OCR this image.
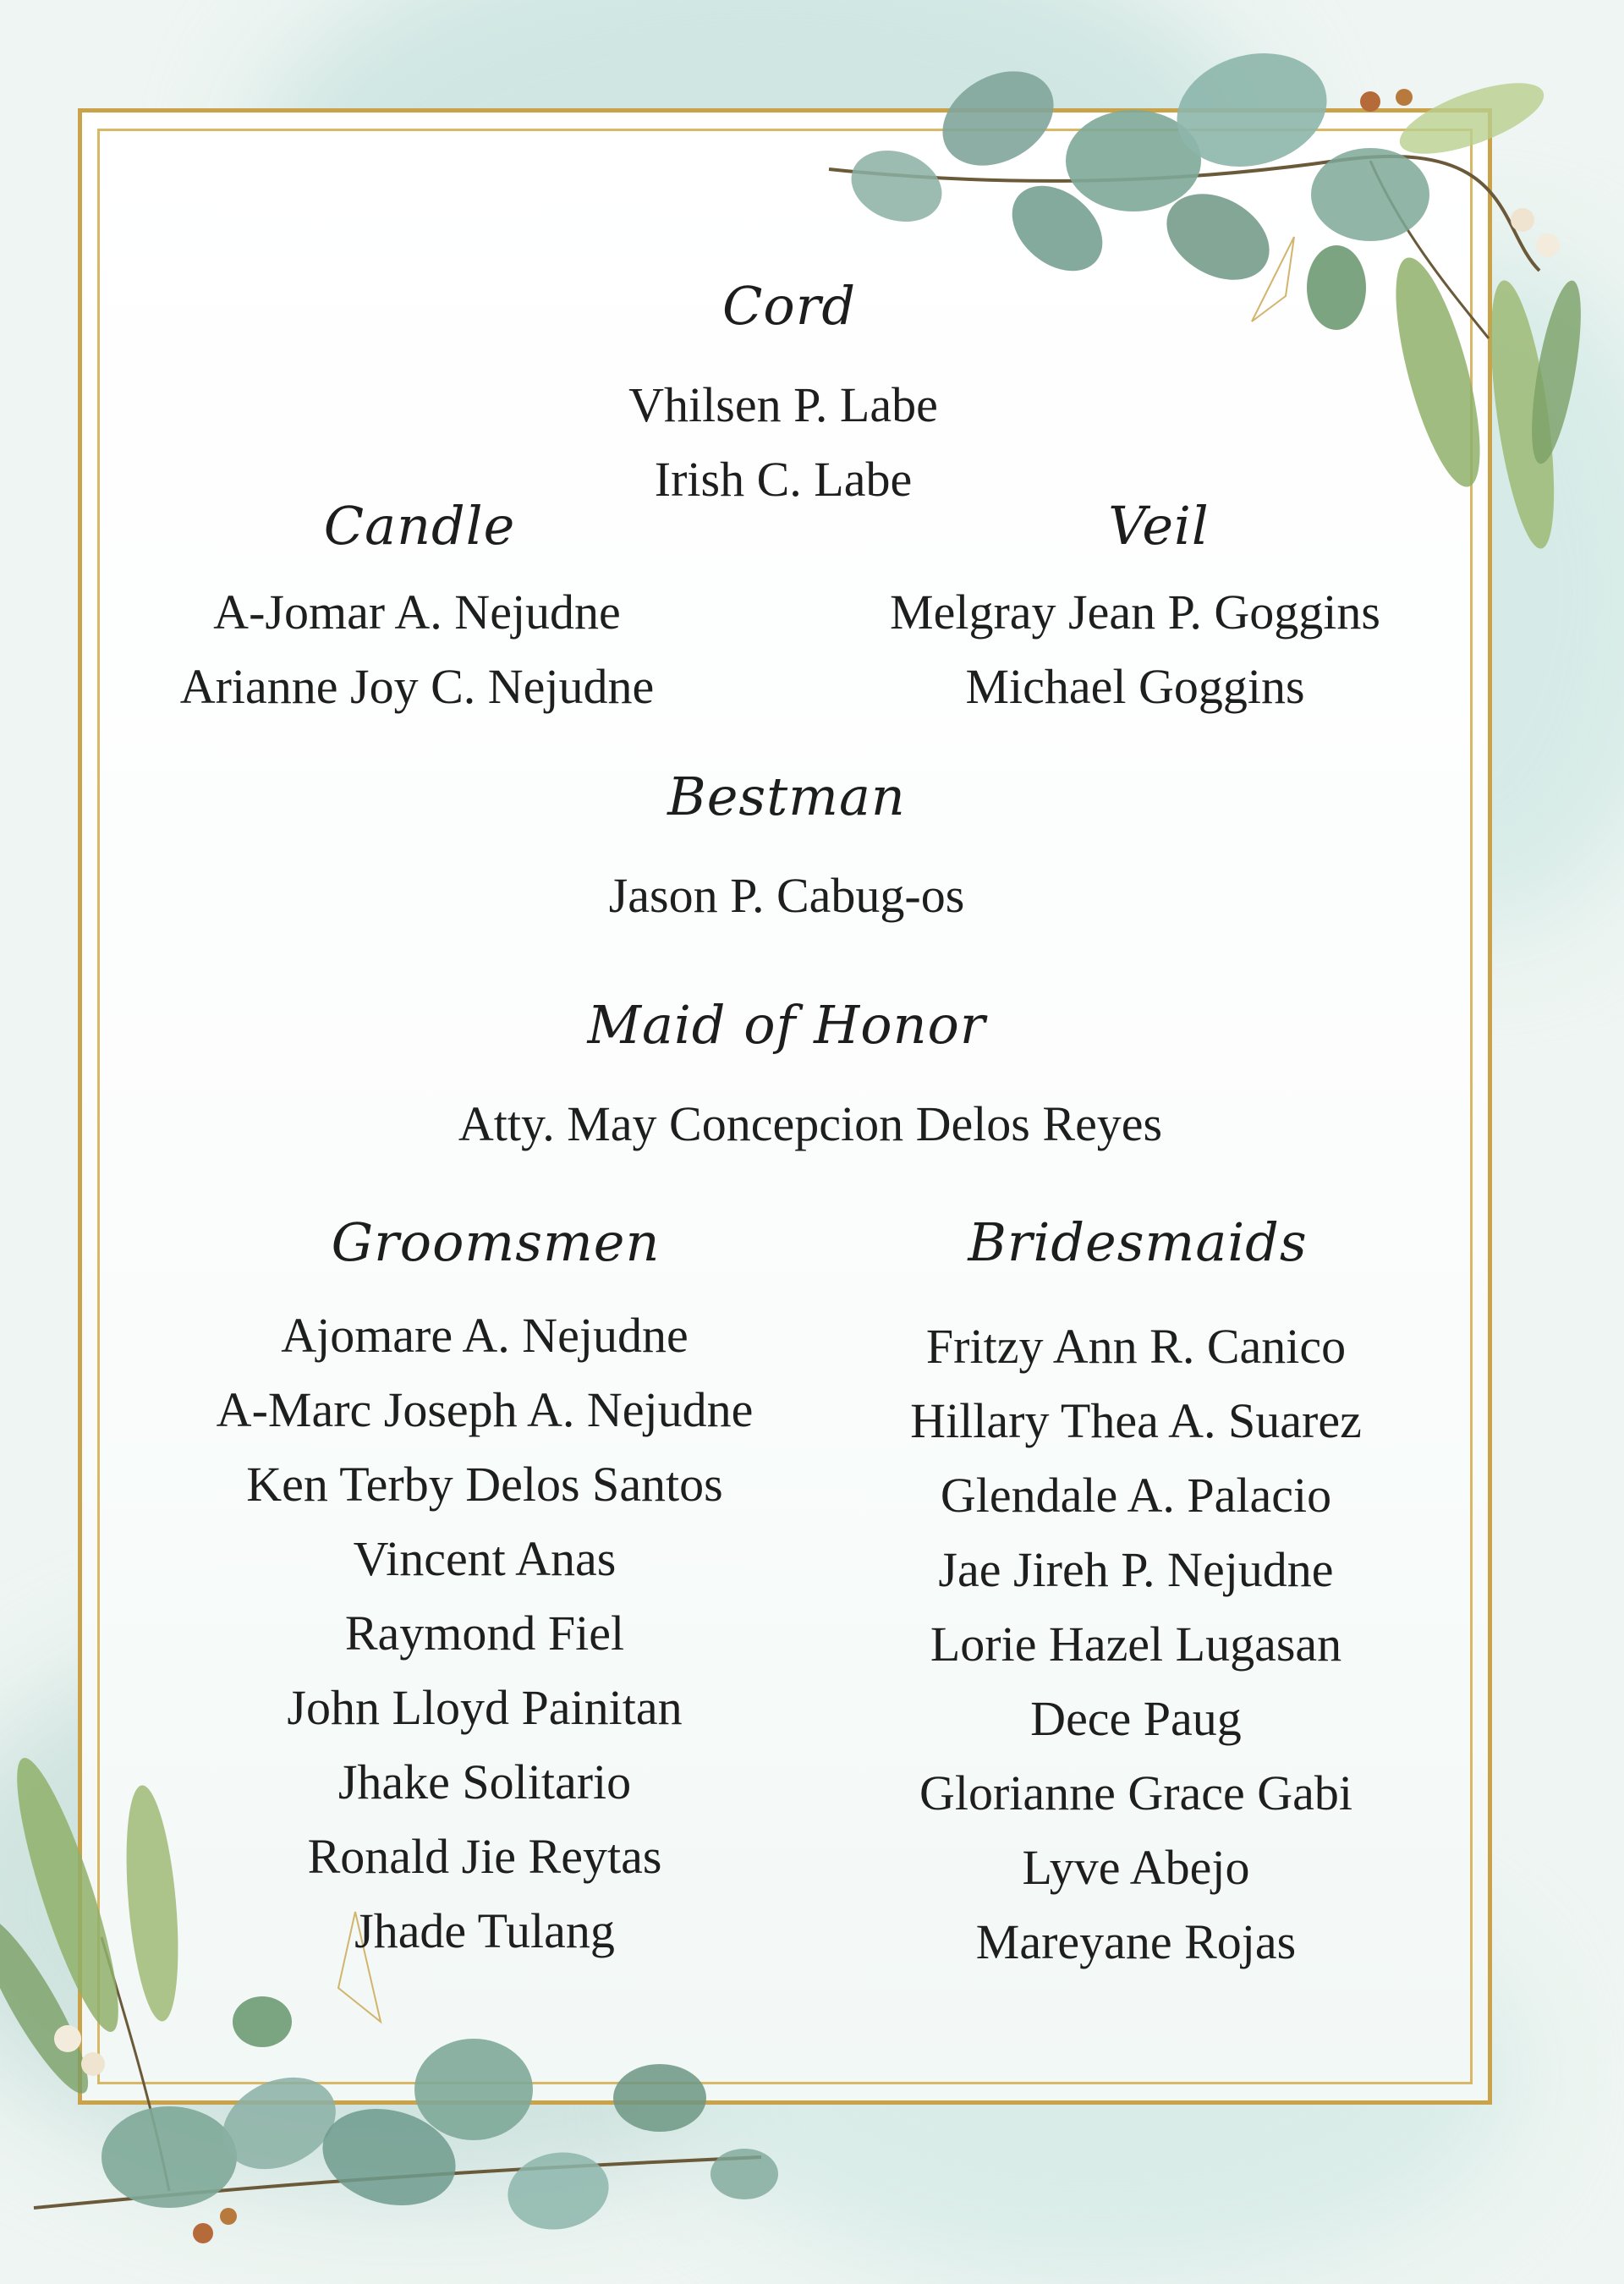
Cord
Vhilsen P. Labe
Irish C. Labe
Candle
A-Jomar A. Nejudne
Arianne Joy C. Nejudne
Veil
Melgray Jean P. Goggins
Michael Goggins
Bestman
Jason P. Cabug-os
Maid of Honor
Atty. May Concepcion Delos Reyes
Groomsmen
Ajomare A. Nejudne
A-Marc Joseph A. Nejudne
Ken Terby Delos Santos
Vincent Anas
Raymond Fiel
John Lloyd Painitan
Jhake Solitario
Ronald Jie Reytas
Jhade Tulang
Bridesmaids
Fritzy Ann R. Canico
Hillary Thea A. Suarez
Glendale A. Palacio
Jae Jireh P. Nejudne
Lorie Hazel Lugasan
Dece Paug
Glorianne Grace Gabi
Lyve Abejo
Mareyane Rojas
